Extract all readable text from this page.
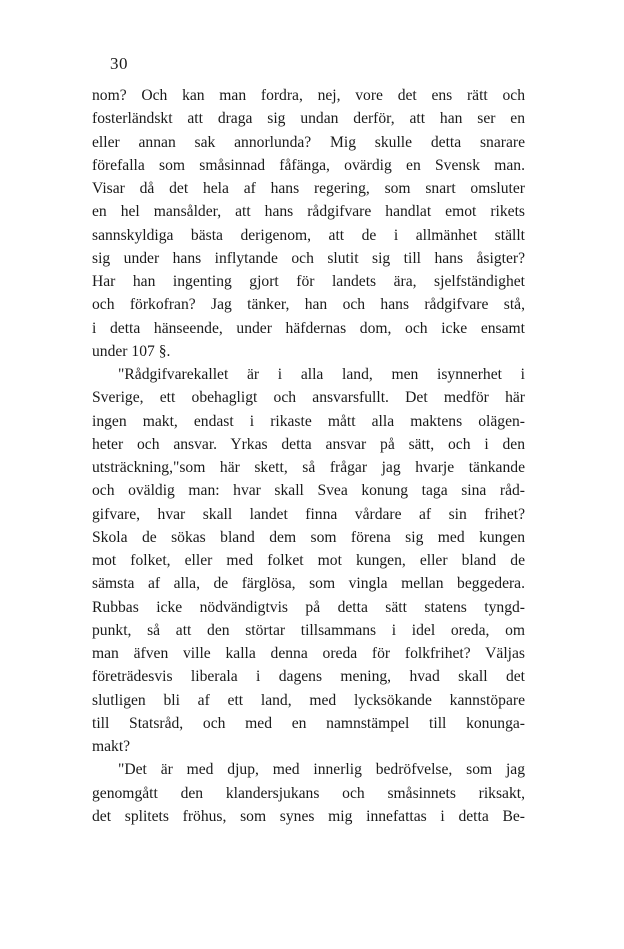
30
nom? Och kan man fordra, nej, vore det ens rätt och
fosterländskt att draga sig undan derför, att han ser en
eller annan sak annorlunda? Mig skulle detta snarare
förefalla som småsinnad fåfänga, ovärdig en Svensk man.
Visar då det hela af hans regering, som snart omsluter
en hel mansålder, att hans rådgifvare handlat emot rikets
sannskyldiga bästa derigenom, att de i allmänhet ställt
sig under hans inflytande och slutit sig till hans åsigter?
Har han ingenting gjort för landets ära, sjelfständighet
och förkofran? Jag tänker, han och hans rådgifvare stå,
i detta hänseende, under häfdernas dom, och icke ensamt
under 107 §.
"Rådgifvarekallet är i alla land, men isynnerhet i
Sverige, ett obehagligt och ansvarsfullt. Det medför här
ingen makt, endast i rikaste mått alla maktens olägen-
heter och ansvar. Yrkas detta ansvar på sätt, och i den
utsträckning,"som här skett, så frågar jag hvarje tänkande
och oväldig man: hvar skall Svea konung taga sina råd-
gifvare, hvar skall landet finna vårdare af sin frihet?
Skola de sökas bland dem som förena sig med kungen
mot folket, eller med folket mot kungen, eller bland de
sämsta af alla, de färglösa, som vingla mellan beggedera.
Rubbas icke nödvändigtvis på detta sätt statens tyngd-
punkt, så att den störtar tillsammans i idel oreda, om
man äfven ville kalla denna oreda för folkfrihet? Väljas
företrädesvis liberala i dagens mening, hvad skall det
slutligen bli af ett land, med lycksökande kannstöpare
till Statsråd, och med en namnstämpel till konunga-
makt?
"Det är med djup, med innerlig bedröfvelse, som jag
genomgått den klandersjukans och småsinnets riksakt,
det splitets fröhus, som synes mig innefattas i detta Be-
